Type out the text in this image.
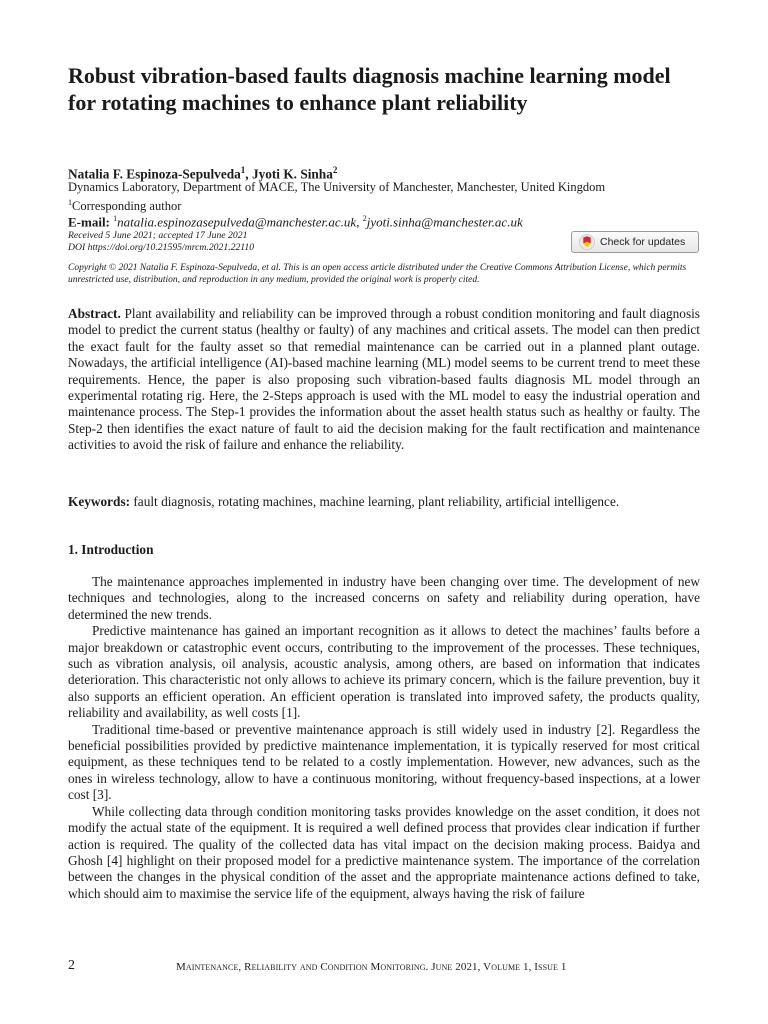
Robust vibration-based faults diagnosis machine learning model for rotating machines to enhance plant reliability
Natalia F. Espinoza-Sepulveda$^1$, Jyoti K. Sinha$^2$
Dynamics Laboratory, Department of MACE, The University of Manchester, Manchester, United Kingdom
$^1$Corresponding author
E-mail: $^1$natalia.espinozasepulveda@manchester.ac.uk, $^2$jyoti.sinha@manchester.ac.uk
Received 5 June 2021; accepted 17 June 2021
DOI https://doi.org/10.21595/mrcm.2021.22110	Check for updates
Copyright © 2021 Natalia F. Espinoza-Sepulveda, et al. This is an open access article distributed under the Creative Commons Attribution License, which permits unrestricted use, distribution, and reproduction in any medium, provided the original work is properly cited.

Abstract. Plant availability and reliability can be improved through a robust condition monitoring and fault diagnosis model to predict the current status (healthy or faulty) of any machines and critical assets. The model can then predict the exact fault for the faulty asset so that remedial maintenance can be carried out in a planned plant outage. Nowadays, the artificial intelligence (AI)-based machine learning (ML) model seems to be current trend to meet these requirements. Hence, the paper is also proposing such vibration-based faults diagnosis ML model through an experimental rotating rig. Here, the 2-Steps approach is used with the ML model to easy the industrial operation and maintenance process. The Step-1 provides the information about the asset health status such as healthy or faulty. The Step-2 then identifies the exact nature of fault to aid the decision making for the fault rectification and maintenance activities to avoid the risk of failure and enhance the reliability.

Keywords: fault diagnosis, rotating machines, machine learning, plant reliability, artificial intelligence.

1. Introduction

The maintenance approaches implemented in industry have been changing over time. The development of new techniques and technologies, along to the increased concerns on safety and reliability during operation, have determined the new trends.

Predictive maintenance has gained an important recognition as it allows to detect the machines’ faults before a major breakdown or catastrophic event occurs, contributing to the improvement of the processes. These techniques, such as vibration analysis, oil analysis, acoustic analysis, among others, are based on information that indicates deterioration. This characteristic not only allows to achieve its primary concern, which is the failure prevention, buy it also supports an efficient operation. An efficient operation is translated into improved safety, the products quality, reliability and availability, as well costs [1].

Traditional time-based or preventive maintenance approach is still widely used in industry [2]. Regardless the beneficial possibilities provided by predictive maintenance implementation, it is typically reserved for most critical equipment, as these techniques tend to be related to a costly implementation. However, new advances, such as the ones in wireless technology, allow to have a continuous monitoring, without frequency-based inspections, at a lower cost [3].

While collecting data through condition monitoring tasks provides knowledge on the asset condition, it does not modify the actual state of the equipment. It is required a well defined process that provides clear indication if further action is required. The quality of the collected data has vital impact on the decision making process. Baidya and Ghosh [4] highlight on their proposed model for a predictive maintenance system. The importance of the correlation between the changes in the physical condition of the asset and the appropriate maintenance actions defined to take, which should aim to maximise the service life of the equipment, always having the risk of failure

2	Maintenance, Reliability and Condition Monitoring. June 2021, Volume 1, Issue 1
